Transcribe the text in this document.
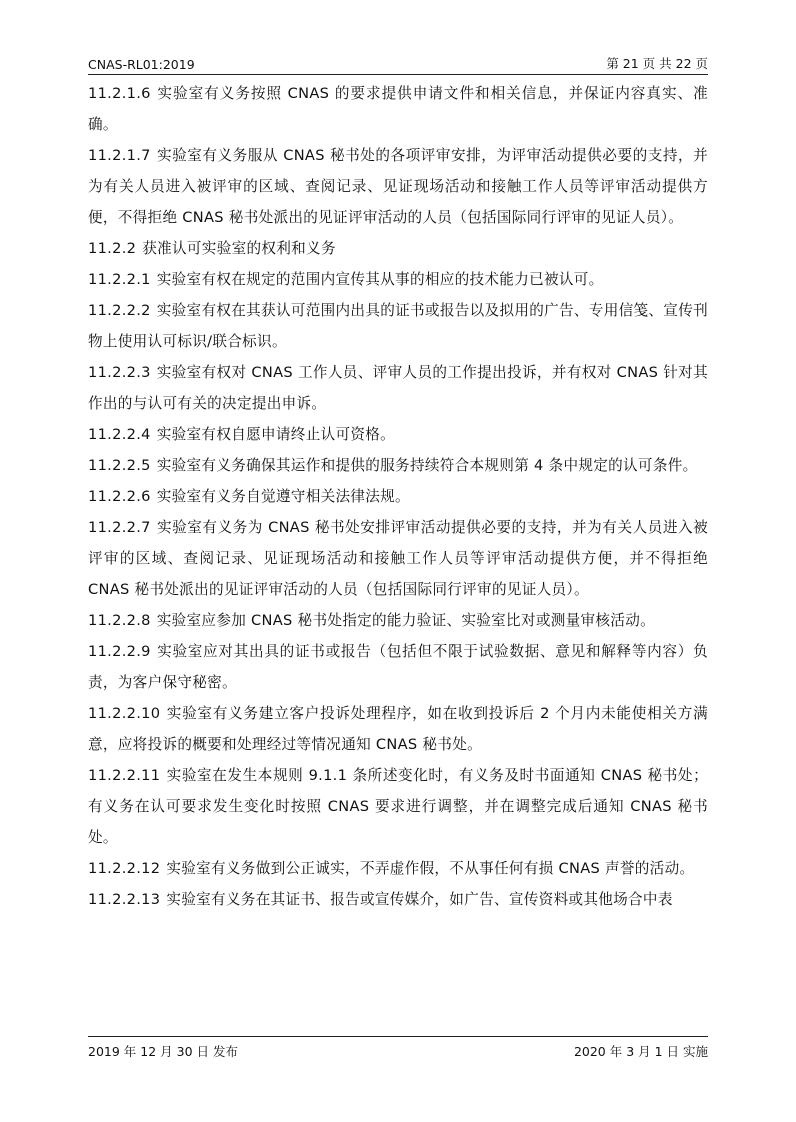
CNAS-RL01:2019	第 21 页 共 22 页

11.2.1.6 实验室有义务按照 CNAS 的要求提供申请文件和相关信息，并保证内容真实、准确。

11.2.1.7 实验室有义务服从 CNAS 秘书处的各项评审安排，为评审活动提供必要的支持，并为有关人员进入被评审的区域、查阅记录、见证现场活动和接触工作人员等评审活动提供方便，不得拒绝 CNAS 秘书处派出的见证评审活动的人员（包括国际同行评审的见证人员）。

11.2.2 获准认可实验室的权利和义务

11.2.2.1 实验室有权在规定的范围内宣传其从事的相应的技术能力已被认可。

11.2.2.2 实验室有权在其获认可范围内出具的证书或报告以及拟用的广告、专用信笺、宣传刊物上使用认可标识/联合标识。

11.2.2.3 实验室有权对 CNAS 工作人员、评审人员的工作提出投诉，并有权对 CNAS 针对其作出的与认可有关的决定提出申诉。

11.2.2.4 实验室有权自愿申请终止认可资格。

11.2.2.5 实验室有义务确保其运作和提供的服务持续符合本规则第 4 条中规定的认可条件。

11.2.2.6 实验室有义务自觉遵守相关法律法规。

11.2.2.7 实验室有义务为 CNAS 秘书处安排评审活动提供必要的支持，并为有关人员进入被评审的区域、查阅记录、见证现场活动和接触工作人员等评审活动提供方便，并不得拒绝 CNAS 秘书处派出的见证评审活动的人员（包括国际同行评审的见证人员）。

11.2.2.8 实验室应参加 CNAS 秘书处指定的能力验证、实验室比对或测量审核活动。

11.2.2.9 实验室应对其出具的证书或报告（包括但不限于试验数据、意见和解释等内容）负责，为客户保守秘密。

11.2.2.10 实验室有义务建立客户投诉处理程序，如在收到投诉后 2 个月内未能使相关方满意，应将投诉的概要和处理经过等情况通知 CNAS 秘书处。

11.2.2.11 实验室在发生本规则 9.1.1 条所述变化时，有义务及时书面通知 CNAS 秘书处；有义务在认可要求发生变化时按照 CNAS 要求进行调整，并在调整完成后通知 CNAS 秘书处。

11.2.2.12 实验室有义务做到公正诚实，不弄虚作假，不从事任何有损 CNAS 声誉的活动。

11.2.2.13 实验室有义务在其证书、报告或宣传媒介，如广告、宣传资料或其他场合中表

2019 年 12 月 30 日 发布	2020 年 3 月 1 日 实施
